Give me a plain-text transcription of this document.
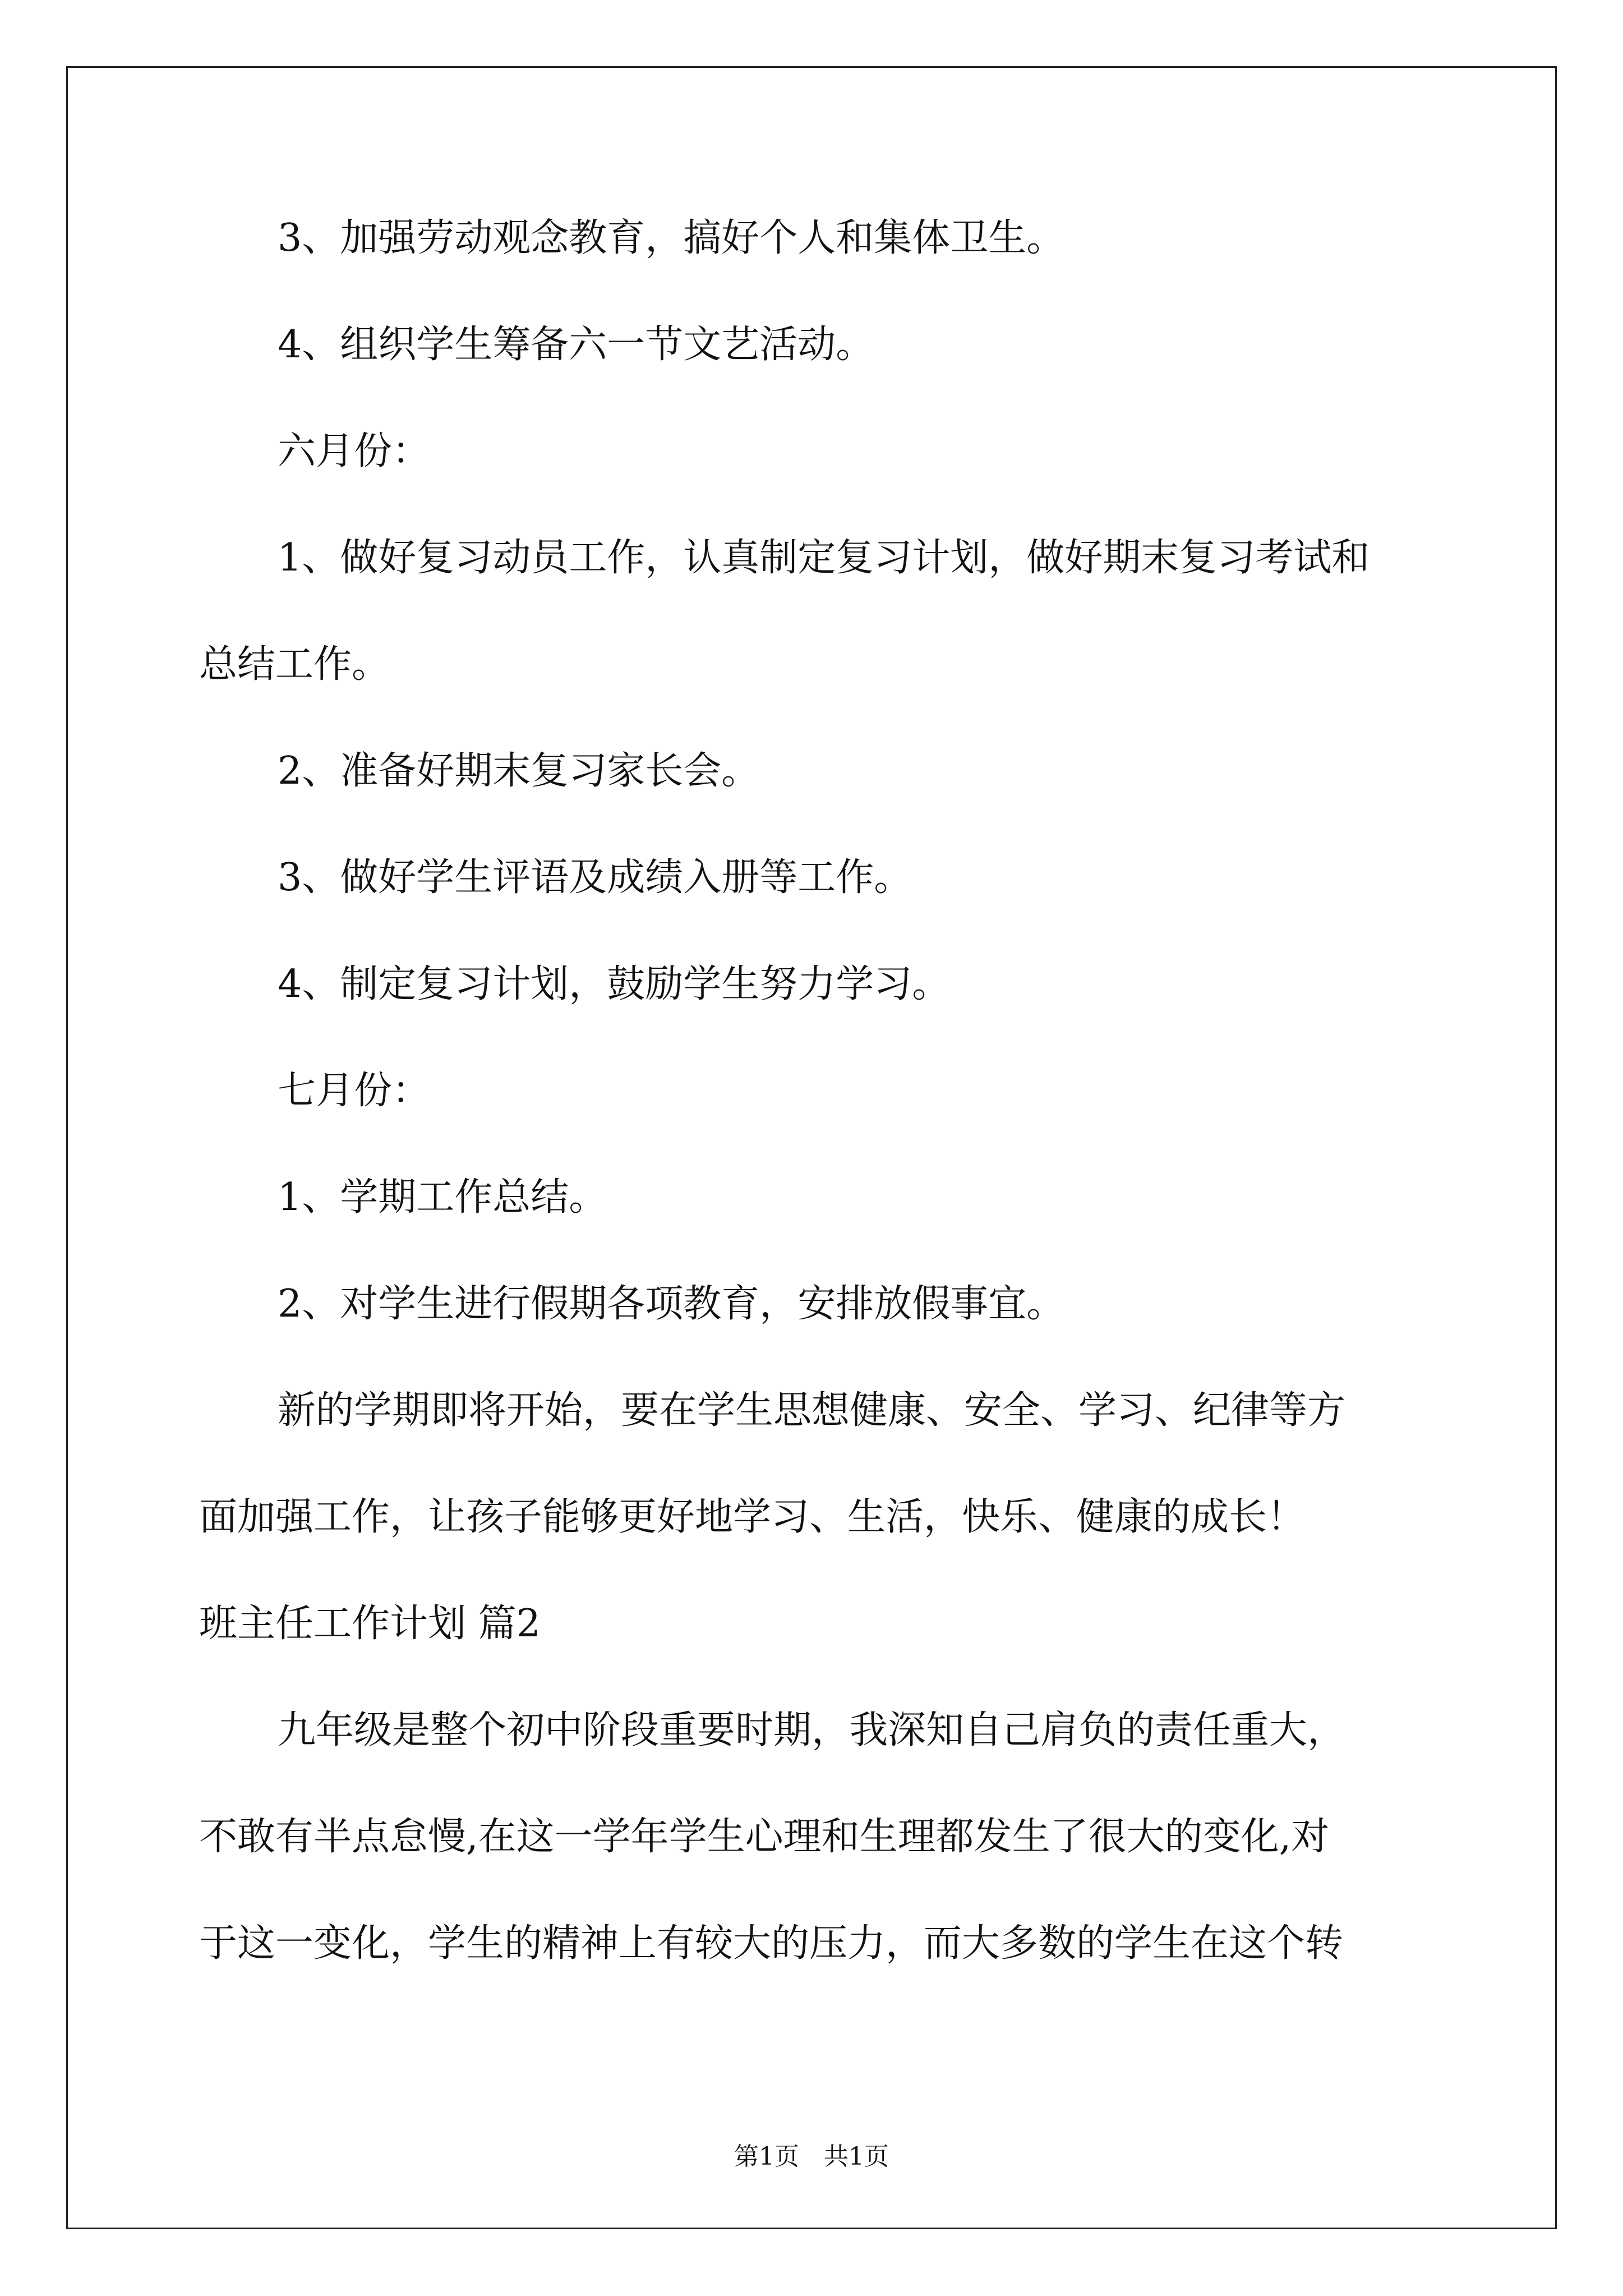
3、加强劳动观念教育，搞好个人和集体卫生。

4、组织学生筹备六一节文艺活动。

六月份：

1、做好复习动员工作，认真制定复习计划，做好期末复习考试和

总结工作。

2、准备好期末复习家长会。

3、做好学生评语及成绩入册等工作。

4、制定复习计划，鼓励学生努力学习。

七月份：

1、学期工作总结。

2、对学生进行假期各项教育，安排放假事宜。

新的学期即将开始，要在学生思想健康、安全、学习、纪律等方

面加强工作，让孩子能够更好地学习、生活，快乐、健康的成长！

班主任工作计划 篇2

九年级是整个初中阶段重要时期，我深知自己肩负的责任重大，

不敢有半点怠慢,在这一学年学生心理和生理都发生了很大的变化,对

于这一变化，学生的精神上有较大的压力，而大多数的学生在这个转

第1页　共1页
